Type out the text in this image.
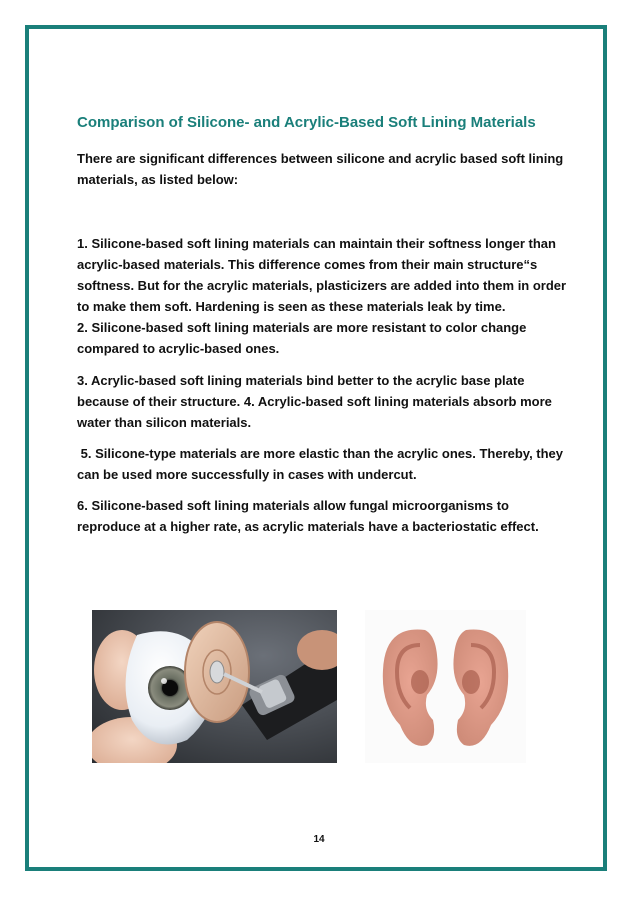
Comparison of Silicone- and Acrylic-Based Soft Lining Materials

There are significant differences between silicone and acrylic based soft lining materials, as listed below:

1. Silicone-based soft lining materials can maintain their softness longer than acrylic-based materials. This difference comes from their main structure“s softness. But for the acrylic materials, plasticizers are added into them in order to make them soft. Hardening is seen as these materials leak by time.
2. Silicone-based soft lining materials are more resistant to color change compared to acrylic-based ones.

3. Acrylic-based soft lining materials bind better to the acrylic base plate because of their structure. 4. Acrylic-based soft lining materials absorb more water than silicon materials.

5. Silicone-type materials are more elastic than the acrylic ones. Thereby, they can be used more successfully in cases with undercut.

6. Silicone-based soft lining materials allow fungal microorganisms to reproduce at a higher rate, as acrylic materials have a bacteriostatic effect.

14
